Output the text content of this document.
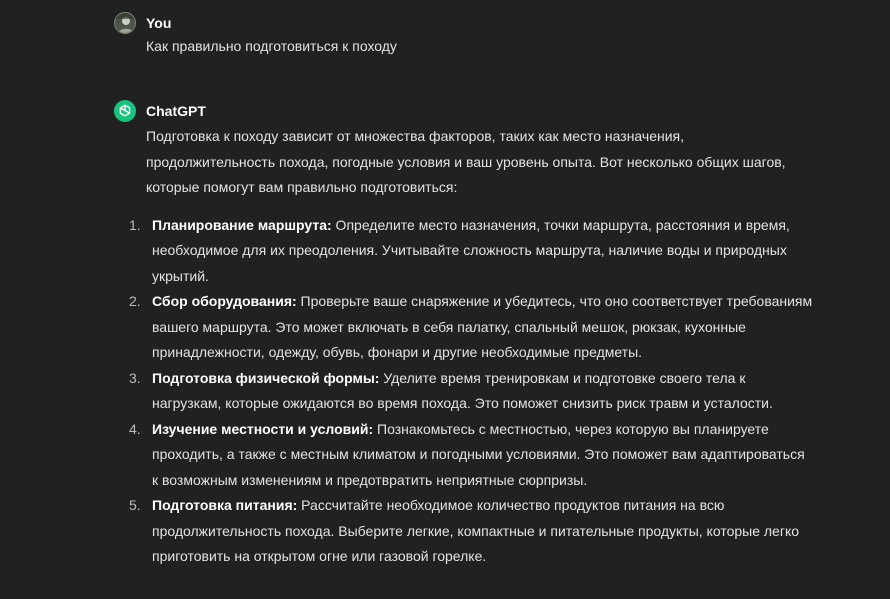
You
Как правильно подготовиться к походу
ChatGPT

Подготовка к походу зависит от множества факторов, таких как место назначения, продолжительность похода, погодные условия и ваш уровень опыта. Вот несколько общих шагов, которые помогут вам правильно подготовиться:

1. Планирование маршрута: Определите место назначения, точки маршрута, расстояния и время, необходимое для их преодоления. Учитывайте сложность маршрута, наличие воды и природных укрытий.
2. Сбор оборудования: Проверьте ваше снаряжение и убедитесь, что оно соответствует требованиям вашего маршрута. Это может включать в себя палатку, спальный мешок, рюкзак, кухонные принадлежности, одежду, обувь, фонари и другие необходимые предметы.
3. Подготовка физической формы: Уделите время тренировкам и подготовке своего тела к нагрузкам, которые ожидаются во время похода. Это поможет снизить риск травм и усталости.
4. Изучение местности и условий: Познакомьтесь с местностью, через которую вы планируете проходить, а также с местным климатом и погодными условиями. Это поможет вам адаптироваться к возможным изменениям и предотвратить неприятные сюрпризы.
5. Подготовка питания: Рассчитайте необходимое количество продуктов питания на всю продолжительность похода. Выберите легкие, компактные и питательные продукты, которые легко приготовить на открытом огне или газовой горелке.
